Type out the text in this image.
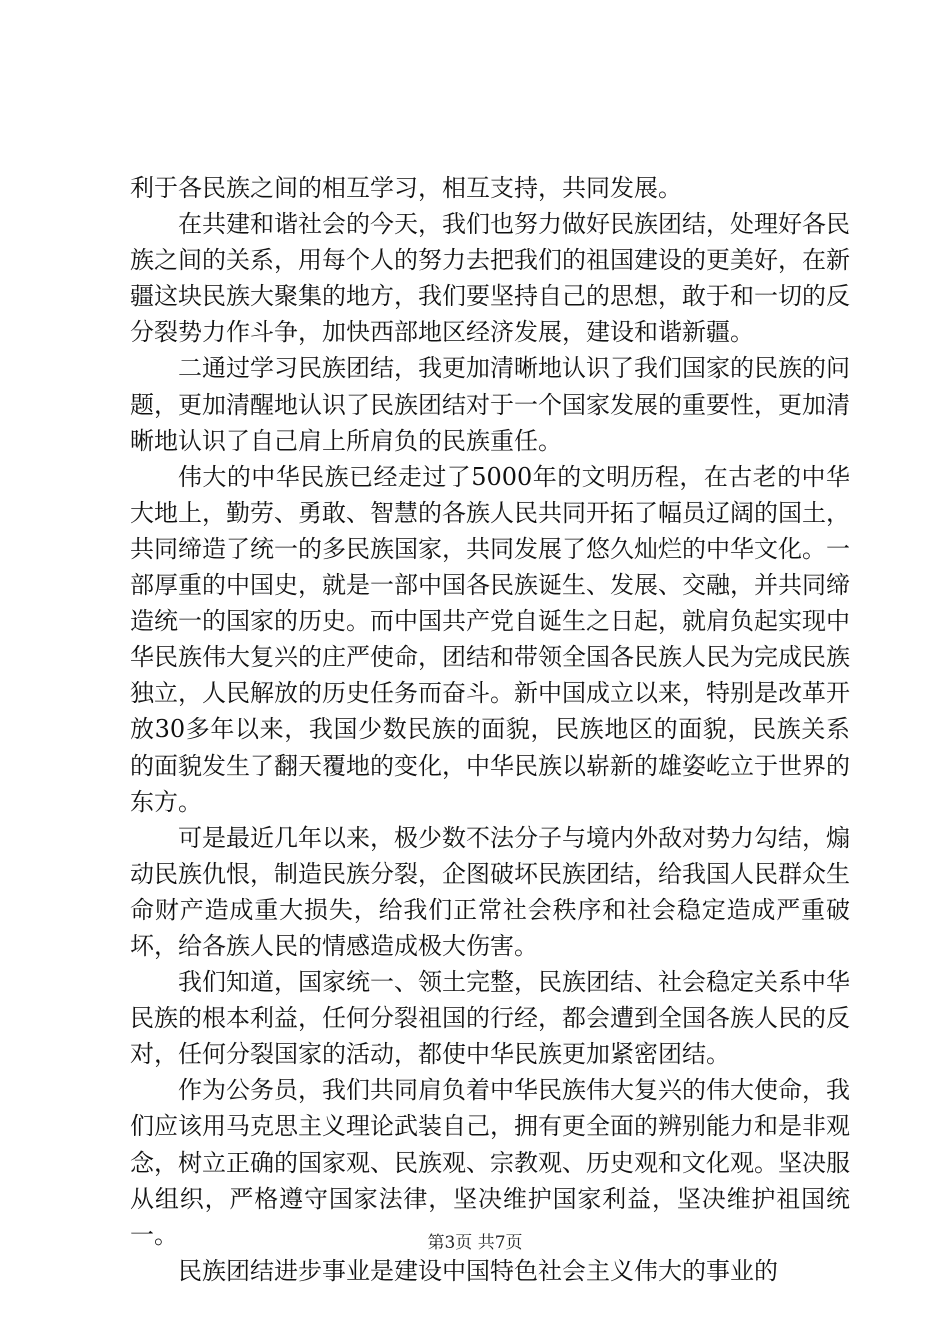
利于各民族之间的相互学习，相互支持，共同发展。

在共建和谐社会的今天，我们也努力做好民族团结，处理好各民族之间的关系，用每个人的努力去把我们的祖国建设的更美好，在新疆这块民族大聚集的地方，我们要坚持自己的思想，敢于和一切的反分裂势力作斗争，加快西部地区经济发展，建设和谐新疆。

二通过学习民族团结，我更加清晰地认识了我们国家的民族的问题，更加清醒地认识了民族团结对于一个国家发展的重要性，更加清晰地认识了自己肩上所肩负的民族重任。

伟大的中华民族已经走过了5000年的文明历程，在古老的中华大地上，勤劳、勇敢、智慧的各族人民共同开拓了幅员辽阔的国土，共同缔造了统一的多民族国家，共同发展了悠久灿烂的中华文化。一部厚重的中国史，就是一部中国各民族诞生、发展、交融，并共同缔造统一的国家的历史。而中国共产党自诞生之日起，就肩负起实现中华民族伟大复兴的庄严使命，团结和带领全国各民族人民为完成民族独立，人民解放的历史任务而奋斗。新中国成立以来，特别是改革开放30多年以来，我国少数民族的面貌，民族地区的面貌，民族关系的面貌发生了翻天覆地的变化，中华民族以崭新的雄姿屹立于世界的东方。

可是最近几年以来，极少数不法分子与境内外敌对势力勾结，煽动民族仇恨，制造民族分裂，企图破坏民族团结，给我国人民群众生命财产造成重大损失，给我们正常社会秩序和社会稳定造成严重破坏，给各族人民的情感造成极大伤害。

我们知道，国家统一、领土完整，民族团结、社会稳定关系中华民族的根本利益，任何分裂祖国的行经，都会遭到全国各族人民的反对，任何分裂国家的活动，都使中华民族更加紧密团结。

作为公务员，我们共同肩负着中华民族伟大复兴的伟大使命，我们应该用马克思主义理论武装自己，拥有更全面的辨别能力和是非观念，树立正确的国家观、民族观、宗教观、历史观和文化观。坚决服从组织，严格遵守国家法律，坚决维护国家利益，坚决维护祖国统一。

民族团结进步事业是建设中国特色社会主义伟大的事业的

第3页 共7页
